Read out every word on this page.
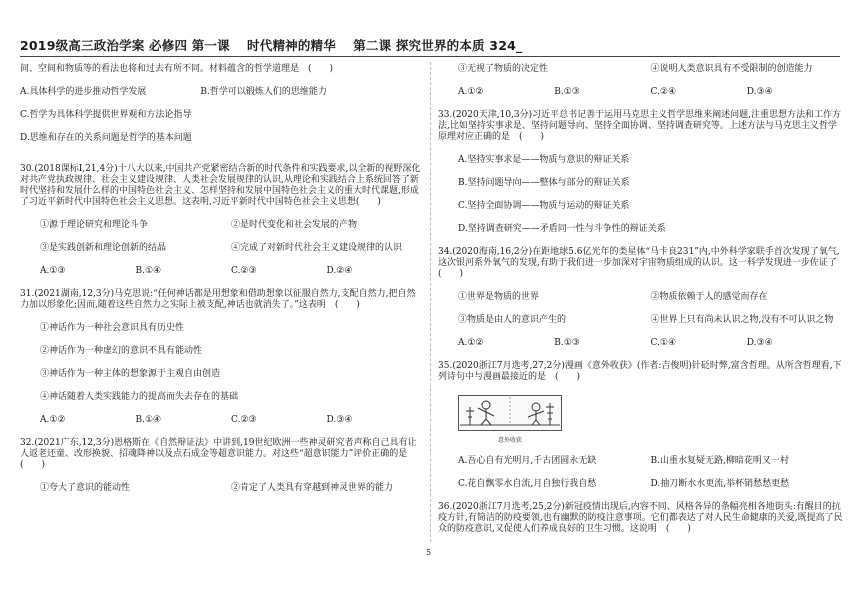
2019级高三政治学案 必修四 第一课　 时代精神的精华　 第二课 探究世界的本质 324_
间、空间和物质等的看法也将和过去有所不同。材料蕴含的哲学道理是　(　　)
A.具体科学的进步推动哲学发展　　　　　　B.哲学可以锻炼人们的思维能力
C.哲学为具体科学提供世界观和方法论指导
D.思维和存在的关系问题是哲学的基本问题
30.(2018课标I,21,4分)十八大以来,中国共产党紧密结合新的时代条件和实践要求,以全新的视野深化对共产党执政规律、社会主义建设规律、人类社会发展规律的认识,从理论和实践结合上系统回答了新时代坚持和发展什么样的中国特色社会主义、怎样坚持和发展中国特色社会主义的重大时代课题,形成了习近平新时代中国特色社会主义思想。这表明,习近平新时代中国特色社会主义思想(　　)
①源于理论研究和理论斗争	②是时代变化和社会发展的产物
③是实践创新和理论创新的结晶	④完成了对新时代社会主义建设规律的认识
A.①③	B.①④	C.②③	D.②④
31.(2021湖南,12,3分)马克思说:“任何神话都是用想象和借助想象以征服自然力,支配自然力,把自然力加以形象化;因而,随着这些自然力之实际上被支配,神话也就消失了。”这表明　(　　)
①神话作为一种社会意识具有历史性
②神话作为一种虚幻的意识不具有能动性
③神话作为一种主体的想象源于主观自由创造
④神话随着人类实践能力的提高而失去存在的基础
A.①②	B.①④	C.②③	D.③④
32.(2021广东,12,3分)恩格斯在《自然辩证法》中讲到,19世纪欧洲一些神灵研究者声称自己具有让人返老还童、改形换貌、招魂降神以及点石成金等超意识能力。对这些“超意识能力”评价正确的是　(　　)
①夸大了意识的能动性	②肯定了人类具有穿越到神灵世界的能力
③无视了物质的决定性	④说明人类意识具有不受限制的创造能力
A.①②	B.①③	C.②④	D.③④
33.(2020天津,10,3分)习近平总书记善于运用马克思主义哲学思维来阐述问题,注重思想方法和工作方法,比如坚持实事求是、坚持问题导向、坚持全面协调、坚持调查研究等。上述方法与马克思主义哲学原理对应正确的是　(　　)
A.坚持实事求是——物质与意识的辩证关系
B.坚持问题导向——整体与部分的辩证关系
C.坚持全面协调——物质与运动的辩证关系
D.坚持调查研究——矛盾同一性与斗争性的辩证关系
34.(2020海南,16,2分)在距地球5.6亿光年的类星体“马卡良231”内,中外科学家联手首次发现了氧气,这次银河系外氧气的发现,有助于我们进一步加深对宇宙物质组成的认识。这一科学发现进一步佐证了　(　　)
①世界是物质的世界	②物质依赖于人的感觉而存在
③物质是由人的意识产生的	④世界上只有尚未认识之物,没有不可认识之物
A.①②	B.①③	C.①④	D.③④
35.(2020浙江7月选考,27,2分)漫画《意外收获》(作者:吉俊明)针砭时弊,富含哲理。从所含哲理看,下列诗句中与漫画最接近的是　(　　)
意外收获
A.吾心自有光明月,千古团圆永无缺	B.山重水复疑无路,柳暗花明又一村
C.花自飘零水自流,月自独行我自愁	D.抽刀断水水更流,举杯销愁愁更愁
36.(2020浙江7月选考,25,2分)新冠疫情出现后,内容不同、风格各异的条幅亮相各地街头:有醒目的抗疫方针,有简洁的防疫要领,也有幽默的防疫注意事项。它们都表达了对人民生命健康的关爱,既提高了民众的防疫意识,又促使人们养成良好的卫生习惯。这说明　(　　)
5
